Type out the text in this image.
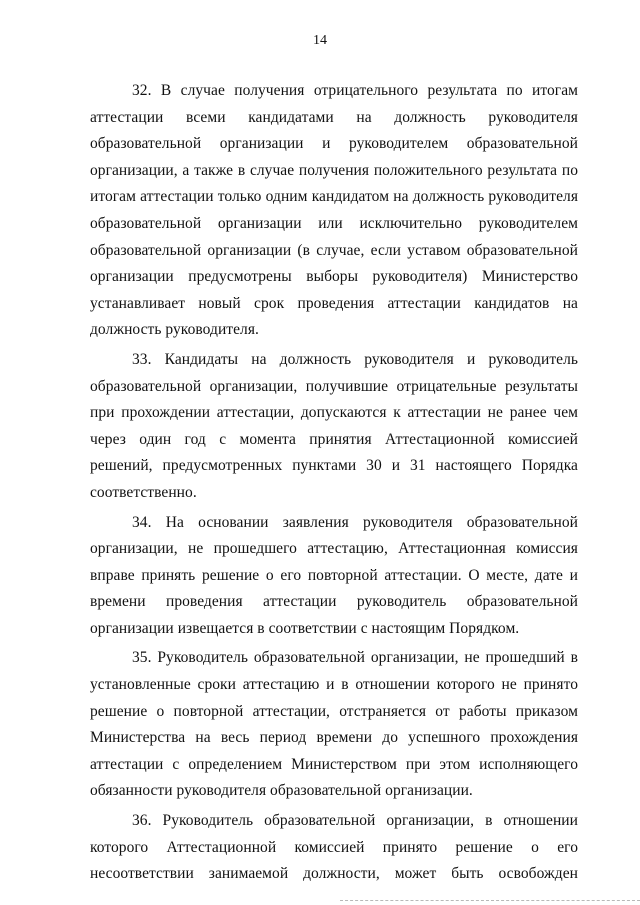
14

32. В случае получения отрицательного результата по итогам аттестации всеми кандидатами на должность руководителя образовательной организации и руководителем образовательной организации, а также в случае получения положительного результата по итогам аттестации только одним кандидатом на должность руководителя образовательной организации или исключительно руководителем образовательной организации (в случае, если уставом образовательной организации предусмотрены выборы руководителя) Министерство устанавливает новый срок проведения аттестации кандидатов на должность руководителя.

33. Кандидаты на должность руководителя и руководитель образовательной организации, получившие отрицательные результаты при прохождении аттестации, допускаются к аттестации не ранее чем через один год с момента принятия Аттестационной комиссией решений, предусмотренных пунктами 30 и 31 настоящего Порядка соответственно.

34. На основании заявления руководителя образовательной организации, не прошедшего аттестацию, Аттестационная комиссия вправе принять решение о его повторной аттестации. О месте, дате и времени проведения аттестации руководитель образовательной организации извещается в соответствии с настоящим Порядком.

35. Руководитель образовательной организации, не прошедший в установленные сроки аттестацию и в отношении которого не принято решение о повторной аттестации, отстраняется от работы приказом Министерства на весь период времени до успешного прохождения аттестации с определением Министерством при этом исполняющего обязанности руководителя образовательной организации.

36. Руководитель образовательной организации, в отношении которого Аттестационной комиссией принято решение о его несоответствии занимаемой должности, может быть освобожден
